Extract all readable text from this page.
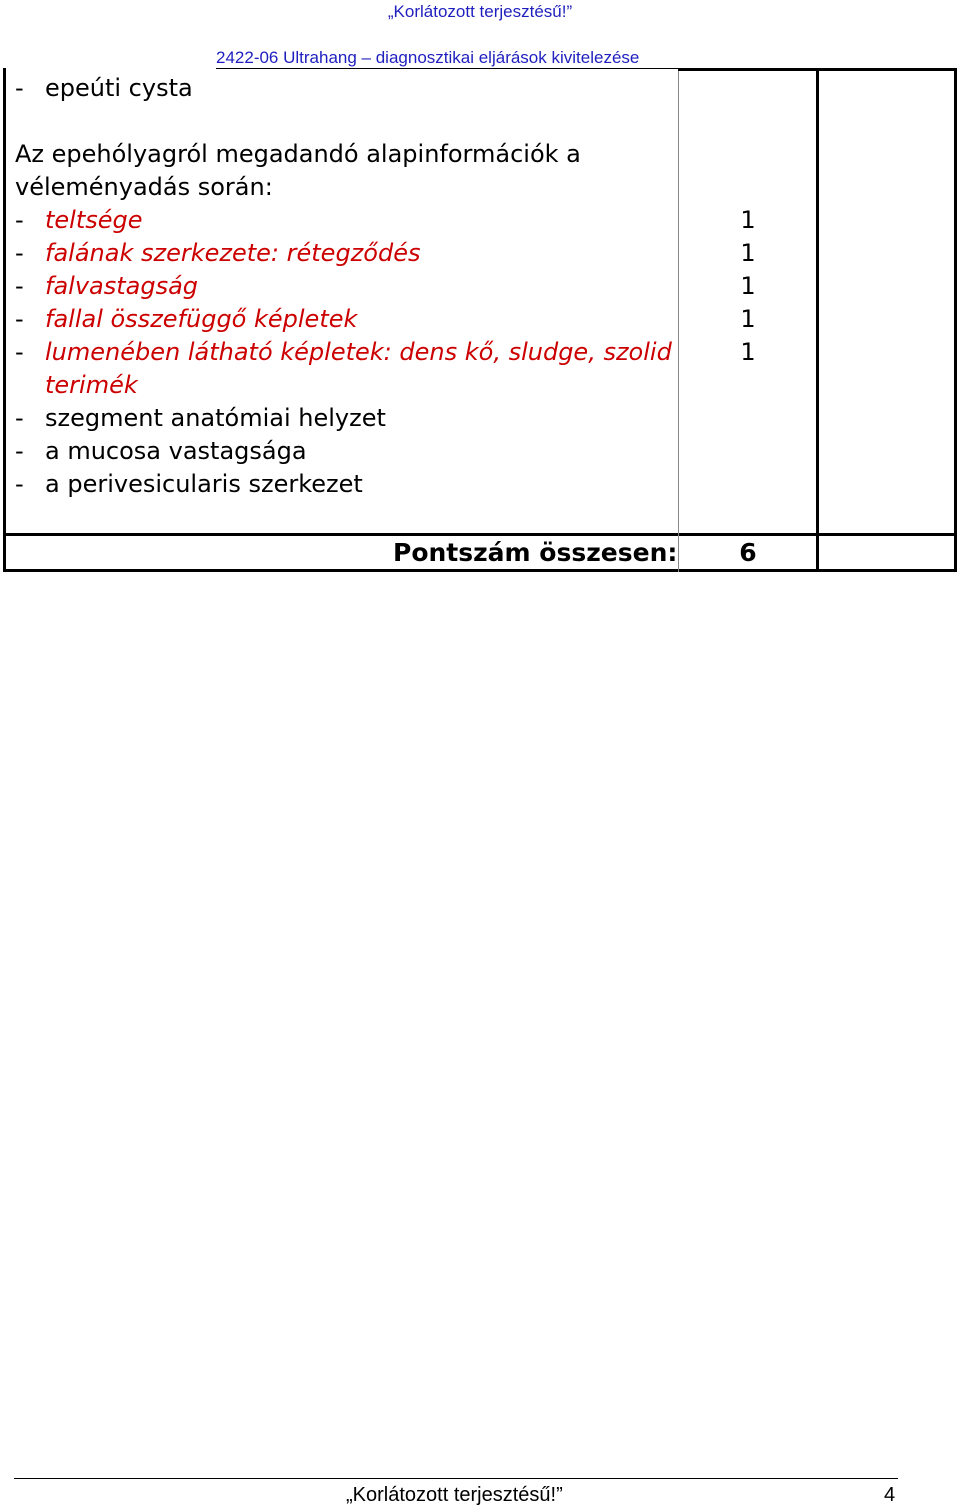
„Korlátozott terjesztésű!”
2422-06 Ultrahang – diagnosztikai eljárások kivitelezése
- epeúti cysta
Az epehólyagról megadandó alapinformációk a
véleményadás során:
- teltsége	1
- falának szerkezete: rétegződés	1
- falvastagság	1
- fallal összefüggő képletek	1
- lumenében látható képletek: dens kő, sludge, szolid	1
terimék
- szegment anatómiai helyzet
- a mucosa vastagsága
- a perivesicularis szerkezet
Pontszám összesen: 6
„Korlátozott terjesztésű!”	4
